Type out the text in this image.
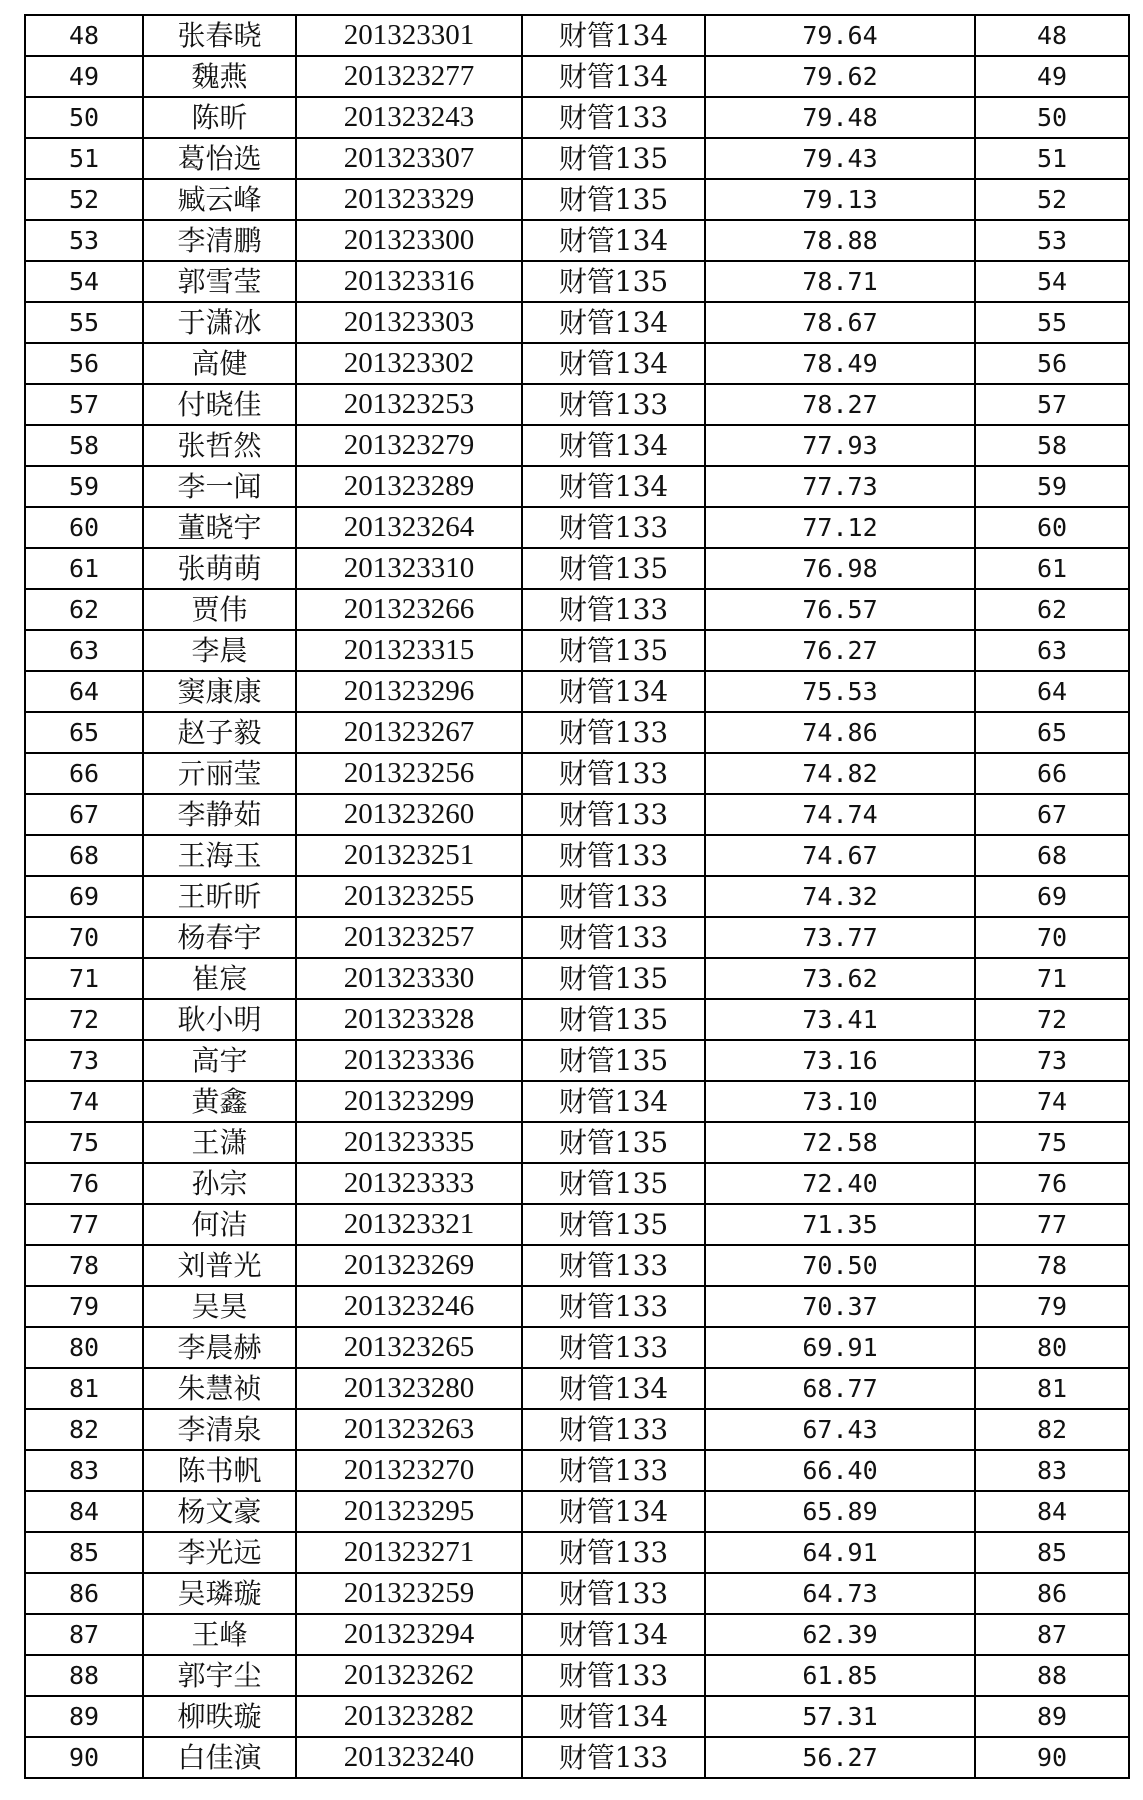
48	张春晓	201323301	财管134	79.64	48
49	魏燕	201323277	财管134	79.62	49
50	陈昕	201323243	财管133	79.48	50
51	葛怡选	201323307	财管135	79.43	51
52	臧云峰	201323329	财管135	79.13	52
53	李清鹏	201323300	财管134	78.88	53
54	郭雪莹	201323316	财管135	78.71	54
55	于潇冰	201323303	财管134	78.67	55
56	高健	201323302	财管134	78.49	56
57	付晓佳	201323253	财管133	78.27	57
58	张哲然	201323279	财管134	77.93	58
59	李一闻	201323289	财管134	77.73	59
60	董晓宇	201323264	财管133	77.12	60
61	张萌萌	201323310	财管135	76.98	61
62	贾伟	201323266	财管133	76.57	62
63	李晨	201323315	财管135	76.27	63
64	窦康康	201323296	财管134	75.53	64
65	赵子毅	201323267	财管133	74.86	65
66	亓丽莹	201323256	财管133	74.82	66
67	李静茹	201323260	财管133	74.74	67
68	王海玉	201323251	财管133	74.67	68
69	王昕昕	201323255	财管133	74.32	69
70	杨春宇	201323257	财管133	73.77	70
71	崔宸	201323330	财管135	73.62	71
72	耿小明	201323328	财管135	73.41	72
73	高宇	201323336	财管135	73.16	73
74	黄鑫	201323299	财管134	73.10	74
75	王潇	201323335	财管135	72.58	75
76	孙宗	201323333	财管135	72.40	76
77	何洁	201323321	财管135	71.35	77
78	刘普光	201323269	财管133	70.50	78
79	吴昊	201323246	财管133	70.37	79
80	李晨赫	201323265	财管133	69.91	80
81	朱慧祯	201323280	财管134	68.77	81
82	李清泉	201323263	财管133	67.43	82
83	陈书帆	201323270	财管133	66.40	83
84	杨文豪	201323295	财管134	65.89	84
85	李光远	201323271	财管133	64.91	85
86	吴璘璇	201323259	财管133	64.73	86
87	王峰	201323294	财管134	62.39	87
88	郭宇尘	201323262	财管133	61.85	88
89	柳昳璇	201323282	财管134	57.31	89
90	白佳演	201323240	财管133	56.27	90
